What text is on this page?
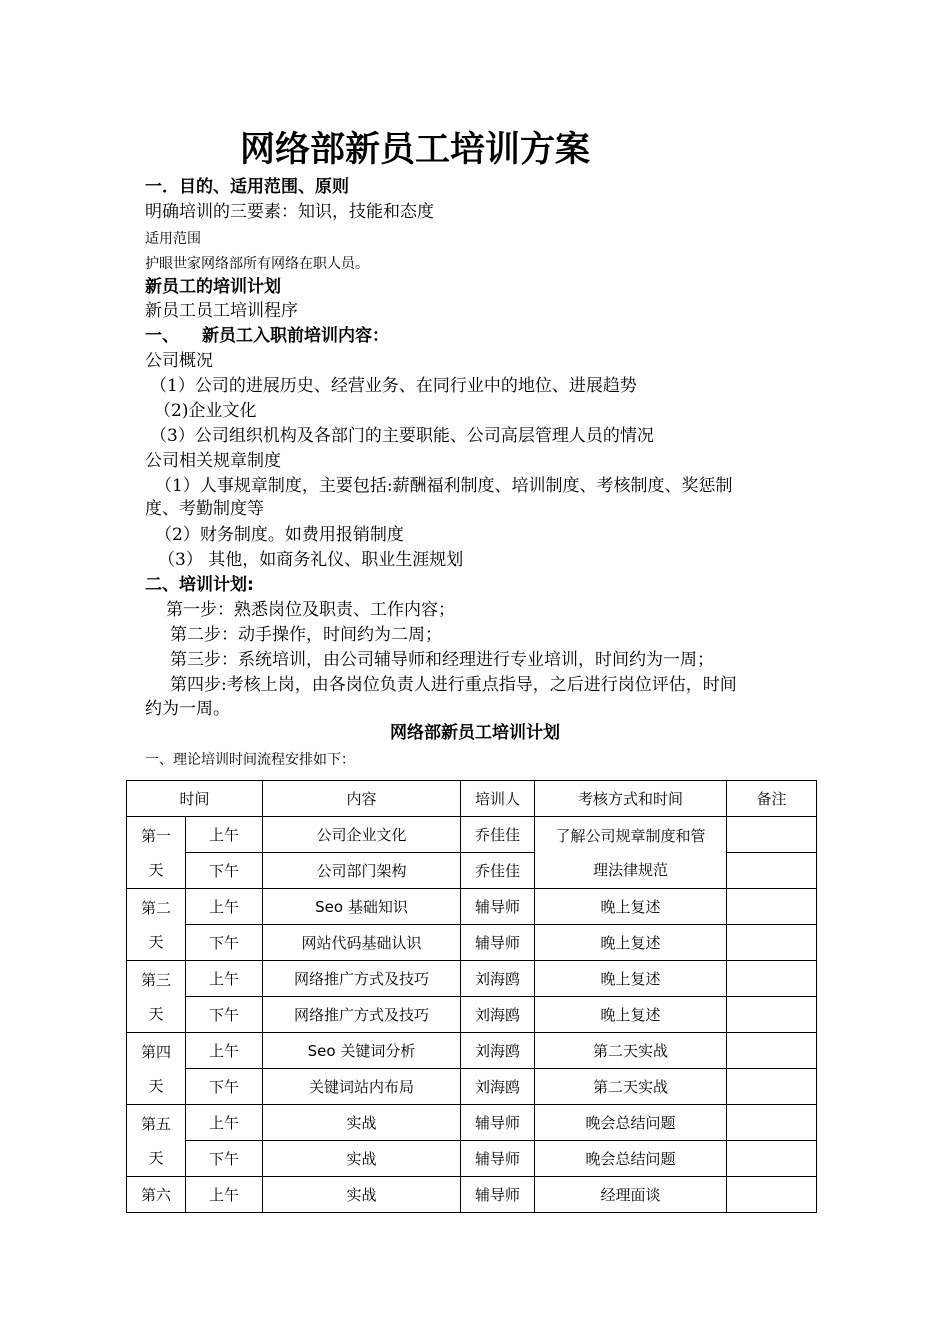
网络部新员工培训方案
一．目的、适用范围、原则
明确培训的三要素：知识，技能和态度
适用范围
护眼世家网络部所有网络在职人员。
新员工的培训计划
新员工员工培训程序
一、 新员工入职前培训内容：
公司概况
（1）公司的进展历史、经营业务、在同行业中的地位、进展趋势
（2)企业文化
（3）公司组织机构及各部门的主要职能、公司高层管理人员的情况
公司相关规章制度
（1）人事规章制度，主要包括:薪酬福利制度、培训制度、考核制度、奖惩制
度、考勤制度等
（2）财务制度。如费用报销制度
（3） 其他，如商务礼仪、职业生涯规划
二、培训计划:
第一步：熟悉岗位及职责、工作内容；
第二步：动手操作，时间约为二周；
第三步：系统培训，由公司辅导师和经理进行专业培训，时间约为一周；
第四步:考核上岗，由各岗位负责人进行重点指导，之后进行岗位评估，时间
约为一周。
网络部新员工培训计划
一、理论培训时间流程安排如下：
时间		内容	培训人	考核方式和时间	备注

第一
天	上午	公司企业文化	乔佳佳	了解公司规章制度和管
理法律规范	

	下午	公司部门架构	乔佳佳		

第二
天	上午	Seo 基础知识	辅导师	晚上复述	
	下午	网站代码基础认识	辅导师	晚上复述	

第三
天	上午	网络推广方式及技巧	刘海鸥	晚上复述	
	下午	网络推广方式及技巧	刘海鸥	晚上复述	

第四
天	上午	Seo 关键词分析	刘海鸥	第二天实战	
	下午	关键词站内布局	刘海鸥	第二天实战	

第五
天	上午	实战	辅导师	晚会总结问题	
	下午	实战	辅导师	晚会总结问题	
第六	上午	实战	辅导师	经理面谈	
